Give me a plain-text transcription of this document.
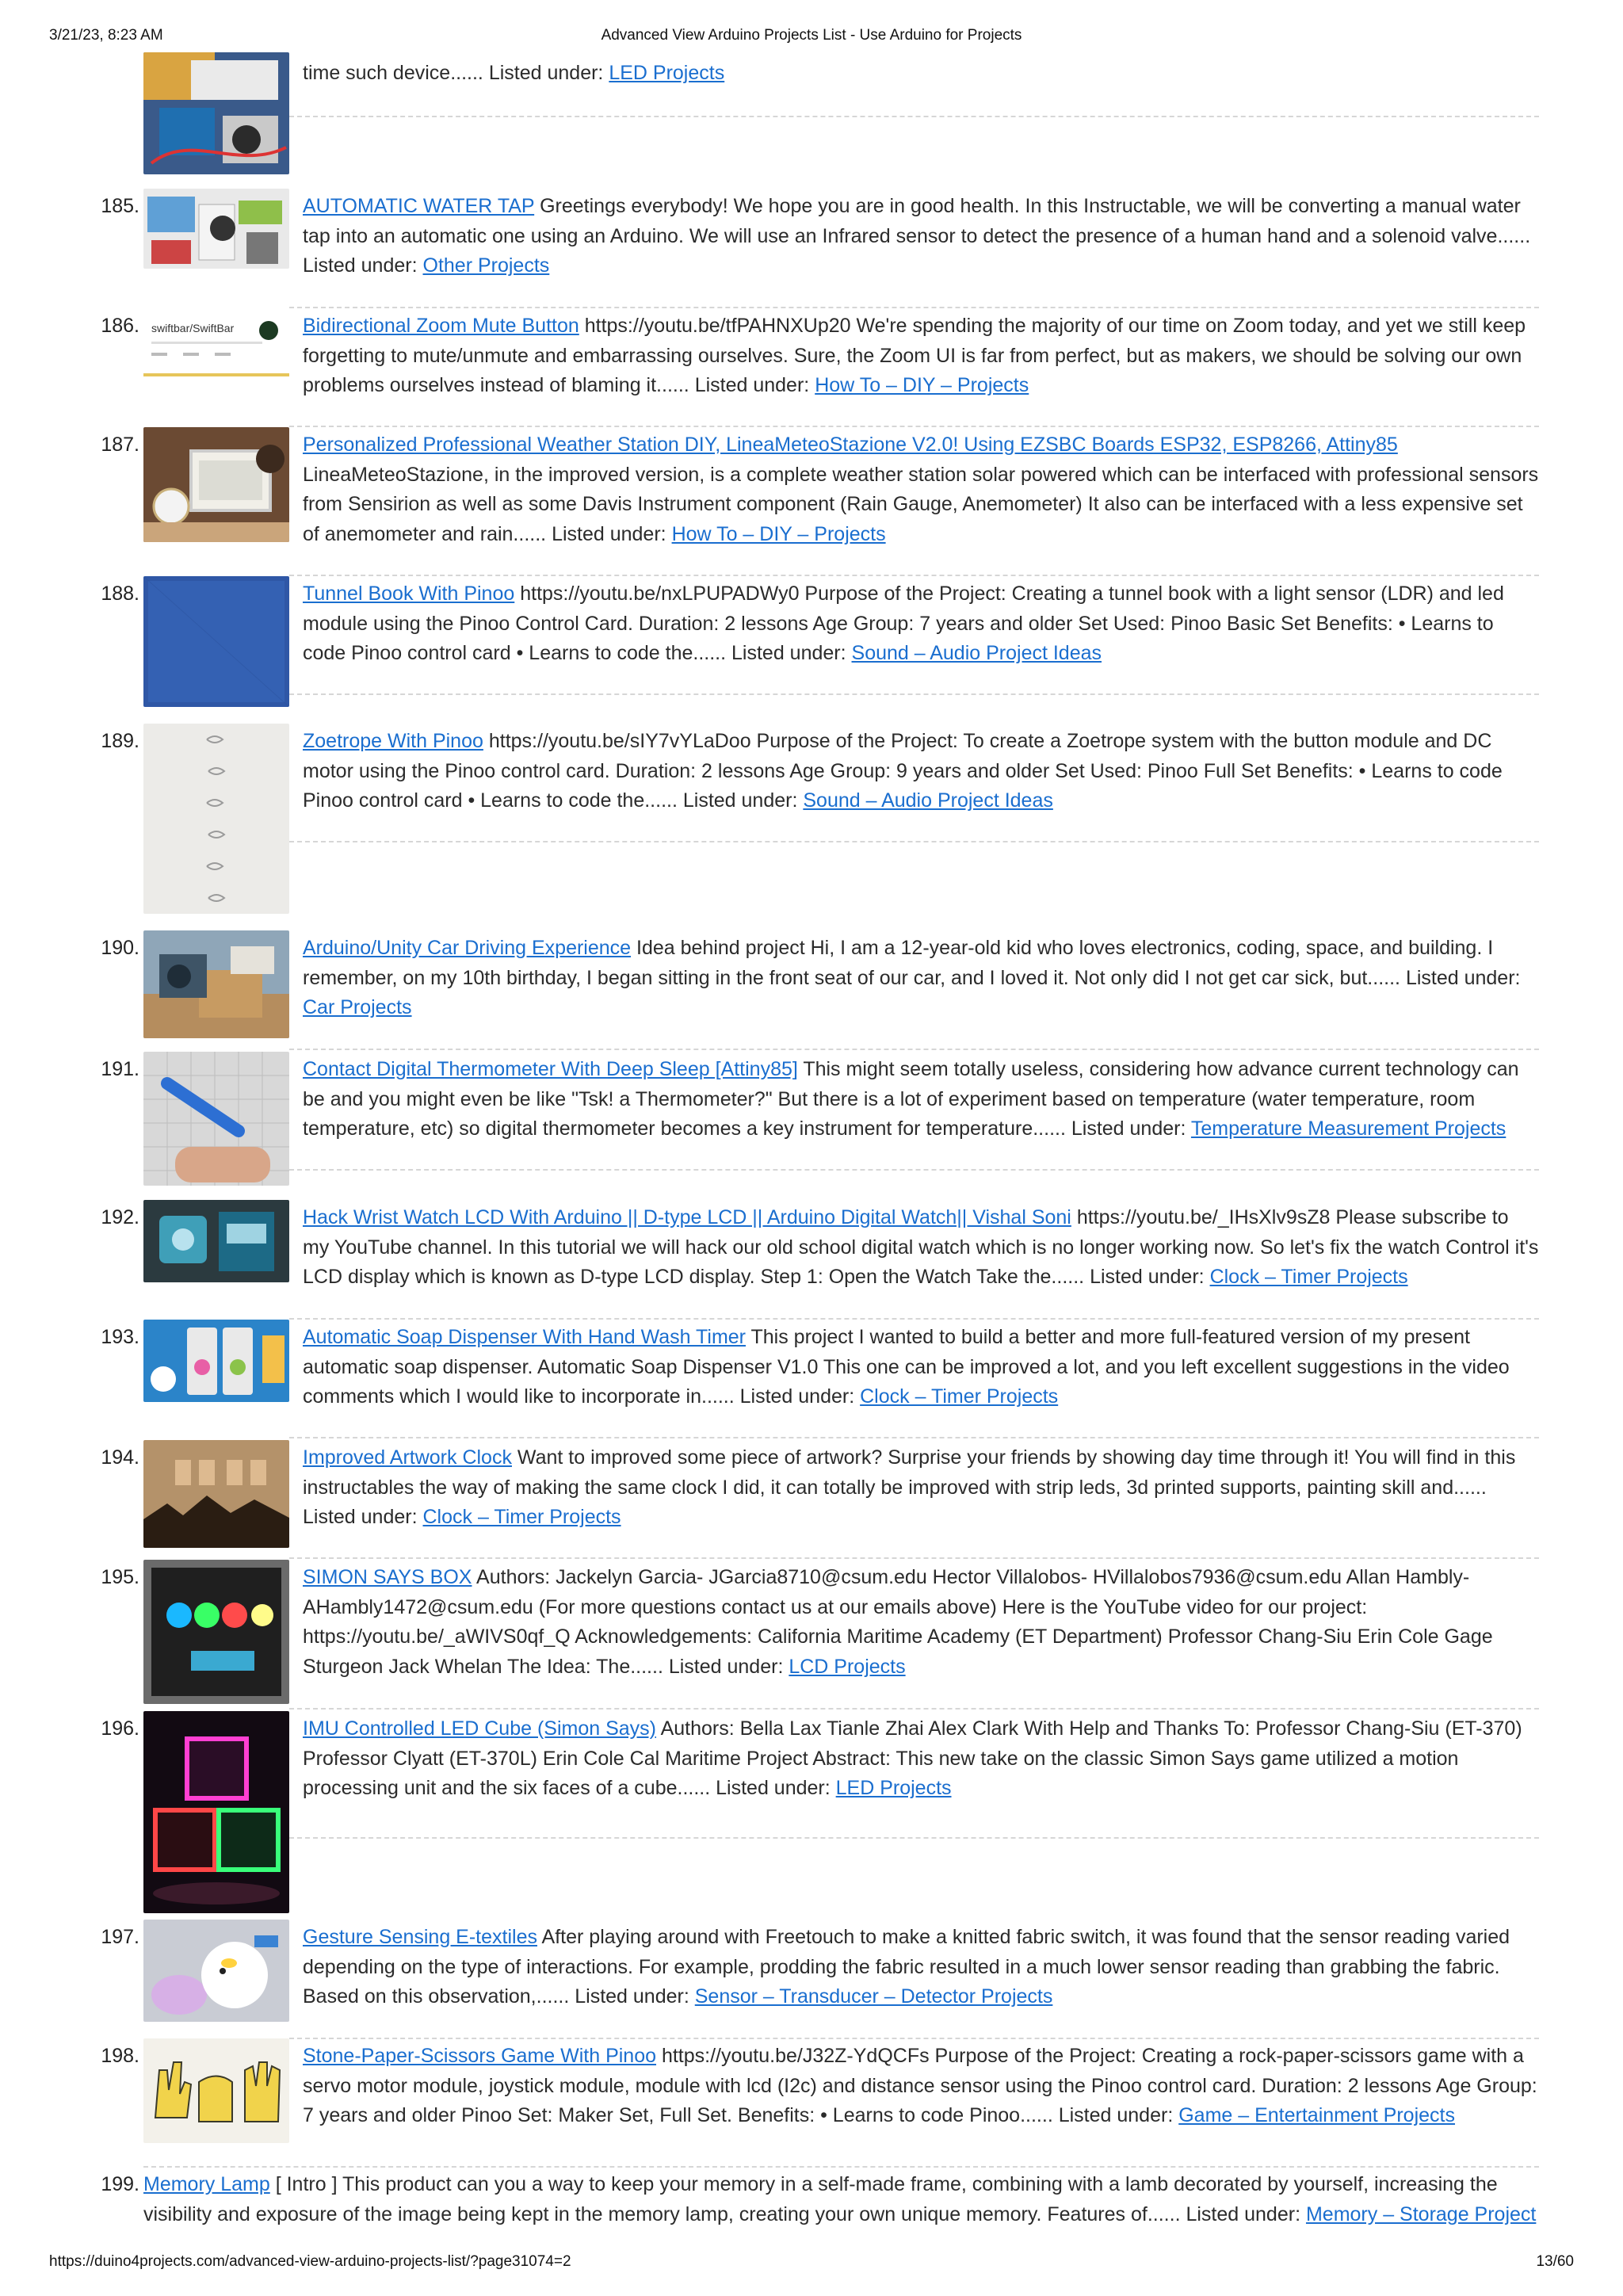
3/21/23, 8:23 AM	Advanced View Arduino Projects List - Use Arduino for Projects
time such device...... Listed under: LED Projects
185.	AUTOMATIC WATER TAP Greetings everybody! We hope you are in good health. In this Instructable, we will be converting a manual water tap into an automatic one using an Arduino. We will use an Infrared sensor to detect the presence of a human hand and a solenoid valve...... Listed under: Other Projects
186. swiftbar/SwiftBar	Bidirectional Zoom Mute Button https://youtu.be/tfPAHNXUp20 We're spending the majority of our time on Zoom today, and yet we still keep forgetting to mute/unmute and embarrassing ourselves. Sure, the Zoom UI is far from perfect, but as makers, we should be solving our own problems ourselves instead of blaming it...... Listed under: How To – DIY – Projects
187.	Personalized Professional Weather Station DIY, LineaMeteoStazione V2.0! Using EZSBC Boards ESP32, ESP8266, Attiny85 LineaMeteoStazione, in the improved version, is a complete weather station solar powered which can be interfaced with professional sensors from Sensirion as well as some Davis Instrument component (Rain Gauge, Anemometer) It also can be interfaced with a less expensive set of anemometer and rain...... Listed under: How To – DIY – Projects
188.	Tunnel Book With Pinoo https://youtu.be/nxLPUPADWy0 Purpose of the Project: Creating a tunnel book with a light sensor (LDR) and led module using the Pinoo Control Card. Duration: 2 lessons Age Group: 7 years and older Set Used: Pinoo Basic Set Benefits: • Learns to code Pinoo control card • Learns to code the...... Listed under: Sound – Audio Project Ideas
189.	Zoetrope With Pinoo https://youtu.be/sIY7vYLaDoo Purpose of the Project: To create a Zoetrope system with the button module and DC motor using the Pinoo control card. Duration: 2 lessons Age Group: 9 years and older Set Used: Pinoo Full Set Benefits: • Learns to code Pinoo control card • Learns to code the...... Listed under: Sound – Audio Project Ideas
190.	Arduino/Unity Car Driving Experience Idea behind project Hi, I am a 12-year-old kid who loves electronics, coding, space, and building. I remember, on my 10th birthday, I began sitting in the front seat of our car, and I loved it. Not only did I not get car sick, but...... Listed under: Car Projects
191.	Contact Digital Thermometer With Deep Sleep [Attiny85] This might seem totally useless, considering how advance current technology can be and you might even be like "Tsk! a Thermometer?" But there is a lot of experiment based on temperature (water temperature, room temperature, etc) so digital thermometer becomes a key instrument for temperature...... Listed under: Temperature Measurement Projects
192.	Hack Wrist Watch LCD With Arduino || D-type LCD || Arduino Digital Watch|| Vishal Soni https://youtu.be/_IHsXlv9sZ8 Please subscribe to my YouTube channel. In this tutorial we will hack our old school digital watch which is no longer working now. So let's fix the watch Control it's LCD display which is known as D-type LCD display. Step 1: Open the Watch Take the...... Listed under: Clock – Timer Projects
193.	Automatic Soap Dispenser With Hand Wash Timer This project I wanted to build a better and more full-featured version of my present automatic soap dispenser. Automatic Soap Dispenser V1.0 This one can be improved a lot, and you left excellent suggestions in the video comments which I would like to incorporate in...... Listed under: Clock – Timer Projects
194.	Improved Artwork Clock Want to improved some piece of artwork? Surprise your friends by showing day time through it! You will find in this instructables the way of making the same clock I did, it can totally be improved with strip leds, 3d printed supports, painting skill and...... Listed under: Clock – Timer Projects
195.	SIMON SAYS BOX Authors: Jackelyn Garcia- JGarcia8710@csum.edu Hector Villalobos- HVillalobos7936@csum.edu Allan Hambly- AHambly1472@csum.edu (For more questions contact us at our emails above) Here is the YouTube video for our project: https://youtu.be/_aWIVS0qf_Q Acknowledgements: California Maritime Academy (ET Department) Professor Chang-Siu Erin Cole Gage Sturgeon Jack Whelan The Idea: The...... Listed under: LCD Projects
196.	IMU Controlled LED Cube (Simon Says) Authors: Bella Lax Tianle Zhai Alex Clark With Help and Thanks To: Professor Chang-Siu (ET-370) Professor Clyatt (ET-370L) Erin Cole Cal Maritime Project Abstract: This new take on the classic Simon Says game utilized a motion processing unit and the six faces of a cube...... Listed under: LED Projects
197.	Gesture Sensing E-textiles After playing around with Freetouch to make a knitted fabric switch, it was found that the sensor reading varied depending on the type of interactions. For example, prodding the fabric resulted in a much lower sensor reading than grabbing the fabric. Based on this observation,...... Listed under: Sensor – Transducer – Detector Projects
198.	Stone-Paper-Scissors Game With Pinoo https://youtu.be/J32Z-YdQCFs Purpose of the Project: Creating a rock-paper-scissors game with a servo motor module, joystick module, module with lcd (I2c) and distance sensor using the Pinoo control card. Duration: 2 lessons Age Group: 7 years and older Pinoo Set: Maker Set, Full Set. Benefits: • Learns to code Pinoo...... Listed under: Game – Entertainment Projects
199. Memory Lamp [ Intro ] This product can you a way to keep your memory in a self-made frame, combining with a lamb decorated by yourself, increasing the visibility and exposure of the image being kept in the memory lamp, creating your own unique memory. Features of...... Listed under: Memory – Storage Project
https://duino4projects.com/advanced-view-arduino-projects-list/?page31074=2	13/60
